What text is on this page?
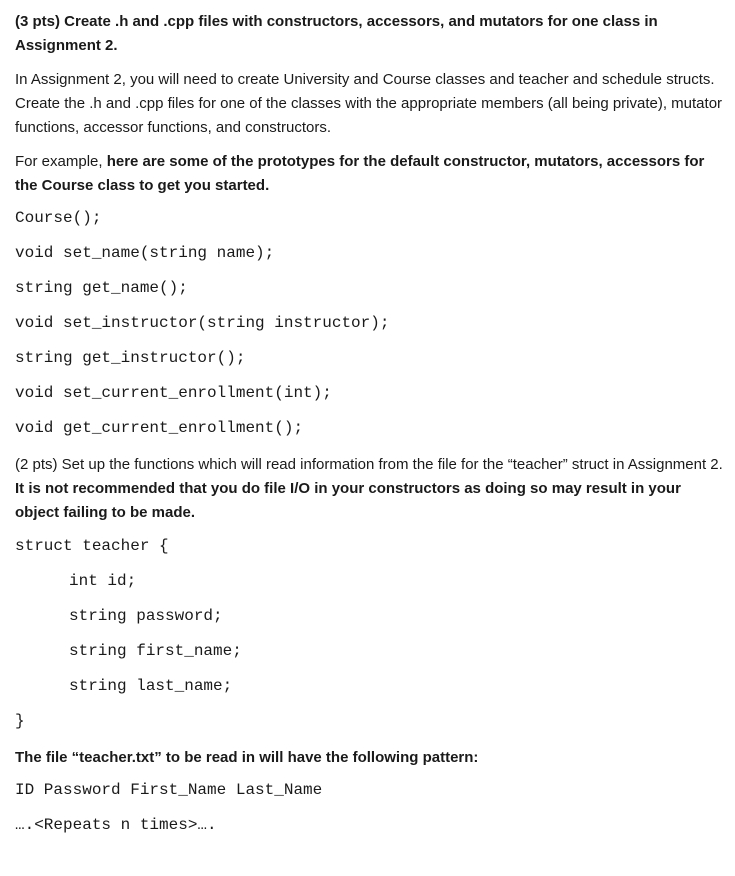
(3 pts) Create .h and .cpp files with constructors, accessors, and mutators for one class in Assignment 2.

In Assignment 2, you will need to create University and Course classes and teacher and schedule structs. Create the .h and .cpp files for one of the classes with the appropriate members (all being private), mutator functions, accessor functions, and constructors.

For example, here are some of the prototypes for the default constructor, mutators, accessors for the Course class to get you started.

Course();
void set_name(string name);
string get_name();
void set_instructor(string instructor);
string get_instructor();
void set_current_enrollment(int);
void get_current_enrollment();

(2 pts) Set up the functions which will read information from the file for the “teacher” struct in Assignment 2. It is not recommended that you do file I/O in your constructors as doing so may result in your object failing to be made.

struct teacher {
int id;
string password;
string first_name;
string last_name;
}

The file “teacher.txt” to be read in will have the following pattern:

ID Password First_Name Last_Name
….<Repeats n times>….
